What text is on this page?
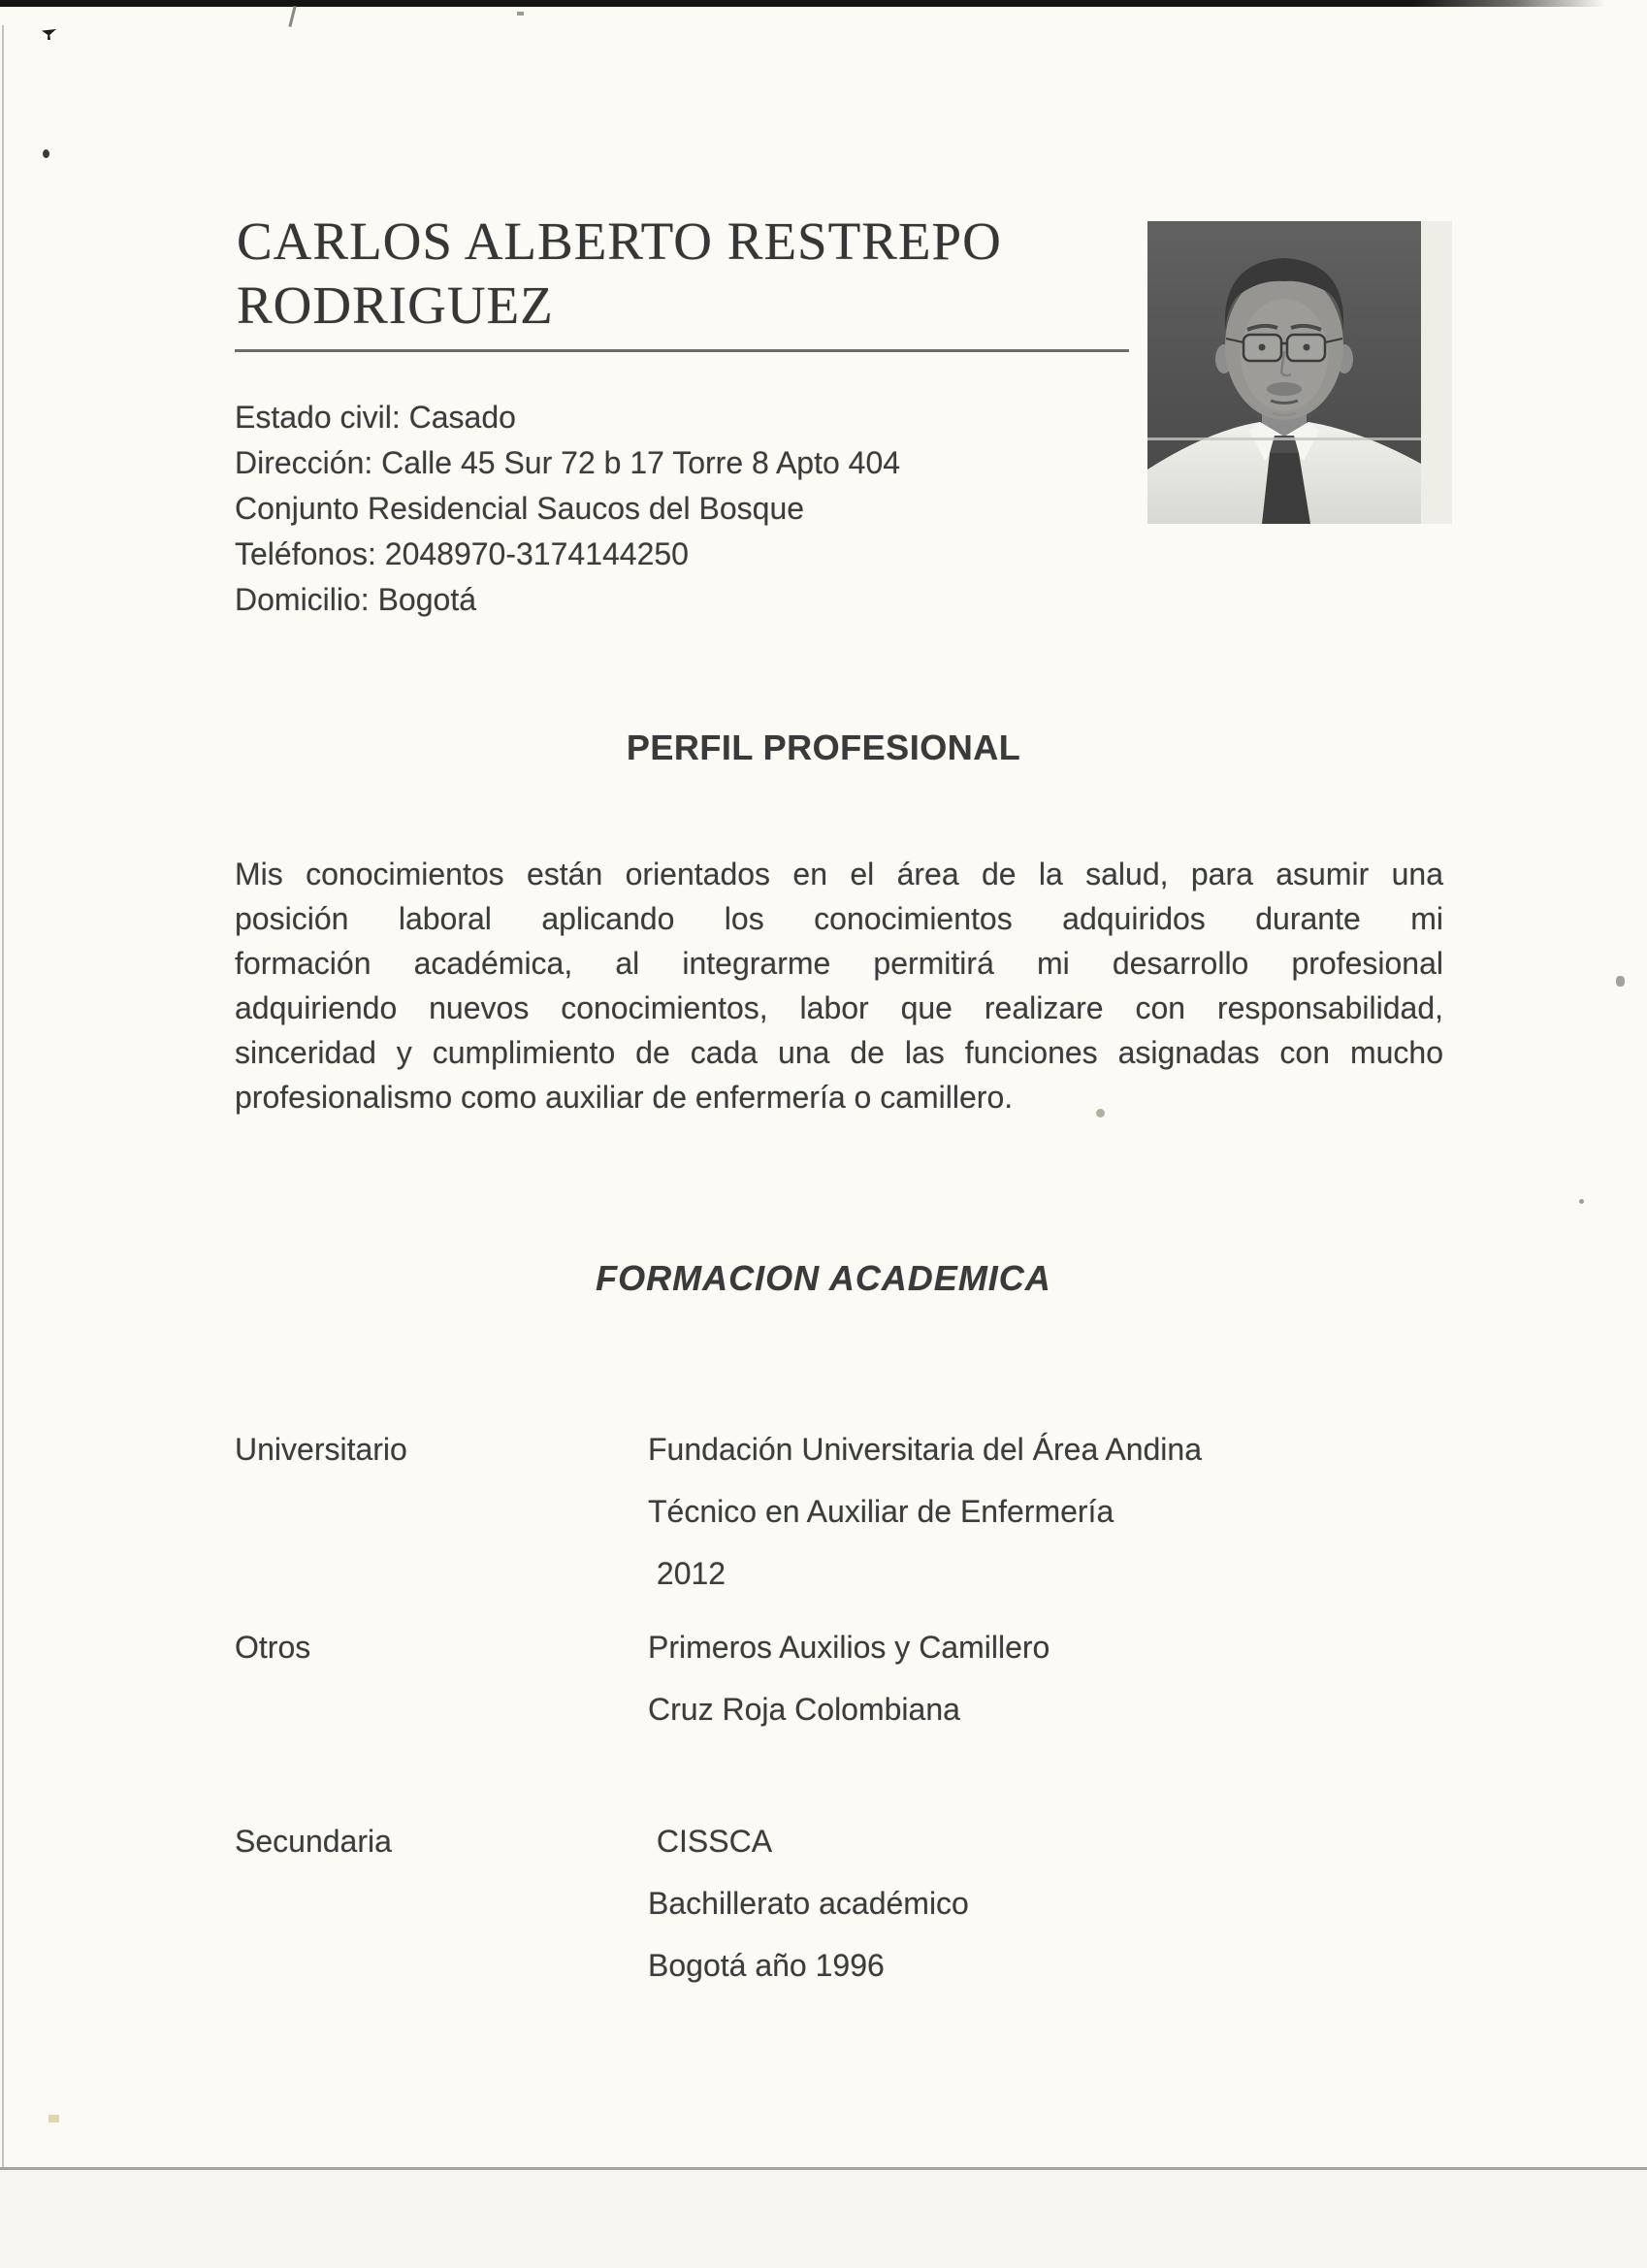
CARLOS ALBERTO RESTREPO
RODRIGUEZ
Estado civil: Casado
Dirección: Calle 45 Sur 72 b 17 Torre 8 Apto 404
Conjunto Residencial Saucos del Bosque
Teléfonos: 2048970-3174144250
Domicilio: Bogotá
PERFIL PROFESIONAL
Mis conocimientos están orientados en el área de la salud, para asumir una
posición laboral aplicando los conocimientos adquiridos durante mi
formación académica, al integrarme permitirá mi desarrollo profesional
adquiriendo nuevos conocimientos, labor que realizare con responsabilidad,
sinceridad y cumplimiento de cada una de las funciones asignadas con mucho
profesionalismo como auxiliar de enfermería o camillero.
FORMACION ACADEMICA
Universitario	Fundación Universitaria del Área Andina
Técnico en Auxiliar de Enfermería
2012
Otros	Primeros Auxilios y Camillero
Cruz Roja Colombiana
Secundaria	CISSCA
Bachillerato académico
Bogotá año 1996
